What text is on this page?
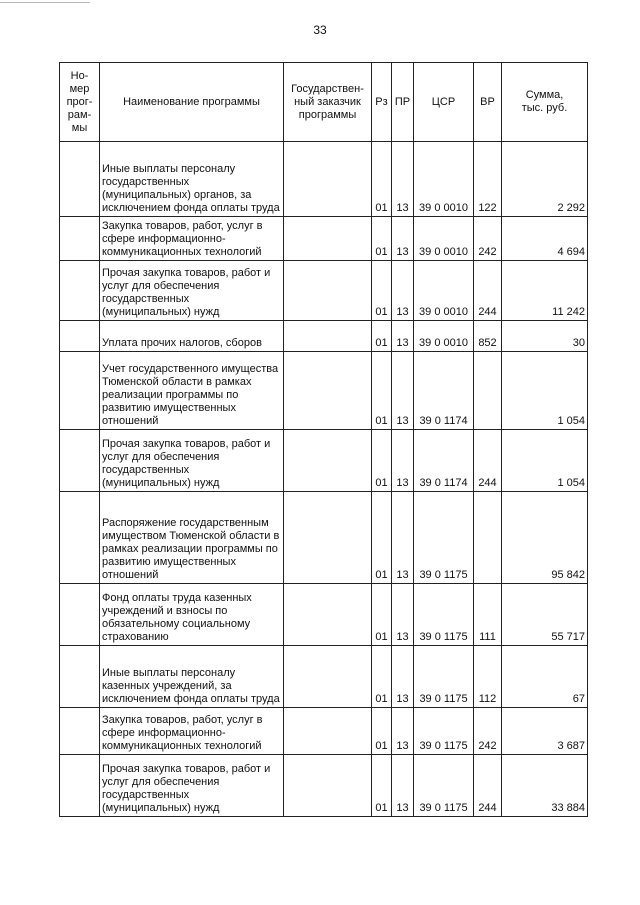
33
Но-
мер
прог-
рам-
мы	Наименование программы	Государствен-
ный заказчик
программы	Рз	ПР	ЦСР	ВР	Сумма,
тыс. руб.
	Иные выплаты персоналу государственных (муниципальных) органов, за исключением фонда оплаты труда		01	13	39 0 0010	122	2 292
	Закупка товаров, работ, услуг в сфере информационно-коммуникационных технологий		01	13	39 0 0010	242	4 694
	Прочая закупка товаров, работ и услуг для обеспечения государственных (муниципальных) нужд		01	13	39 0 0010	244	11 242
	Уплата прочих налогов, сборов		01	13	39 0 0010	852	30
	Учет государственного имущества Тюменской области в рамках реализации программы по развитию имущественных отношений		01	13	39 0 1174		1 054
	Прочая закупка товаров, работ и услуг для обеспечения государственных (муниципальных) нужд		01	13	39 0 1174	244	1 054
	Распоряжение государственным имуществом Тюменской области в рамках реализации программы по развитию имущественных отношений		01	13	39 0 1175		95 842
	Фонд оплаты труда казенных учреждений и взносы по обязательному социальному страхованию		01	13	39 0 1175	111	55 717
	Иные выплаты персоналу казенных учреждений, за исключением фонда оплаты труда		01	13	39 0 1175	112	67
	Закупка товаров, работ, услуг в сфере информационно-коммуникационных технологий		01	13	39 0 1175	242	3 687
	Прочая закупка товаров, работ и услуг для обеспечения государственных (муниципальных) нужд		01	13	39 0 1175	244	33 884
